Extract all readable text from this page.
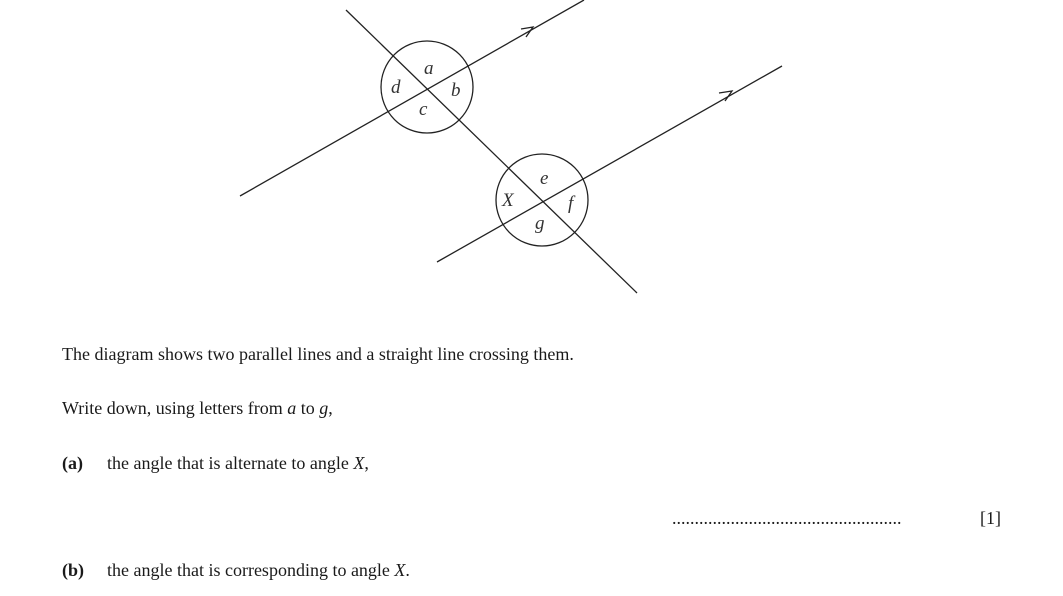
a
b
c
d
e
f
g
X

The diagram shows two parallel lines and a straight line crossing them.

Write down, using letters from a to g,

(a) the angle that is alternate to angle X,

...................................................	[1]

(b) the angle that is corresponding to angle X.
